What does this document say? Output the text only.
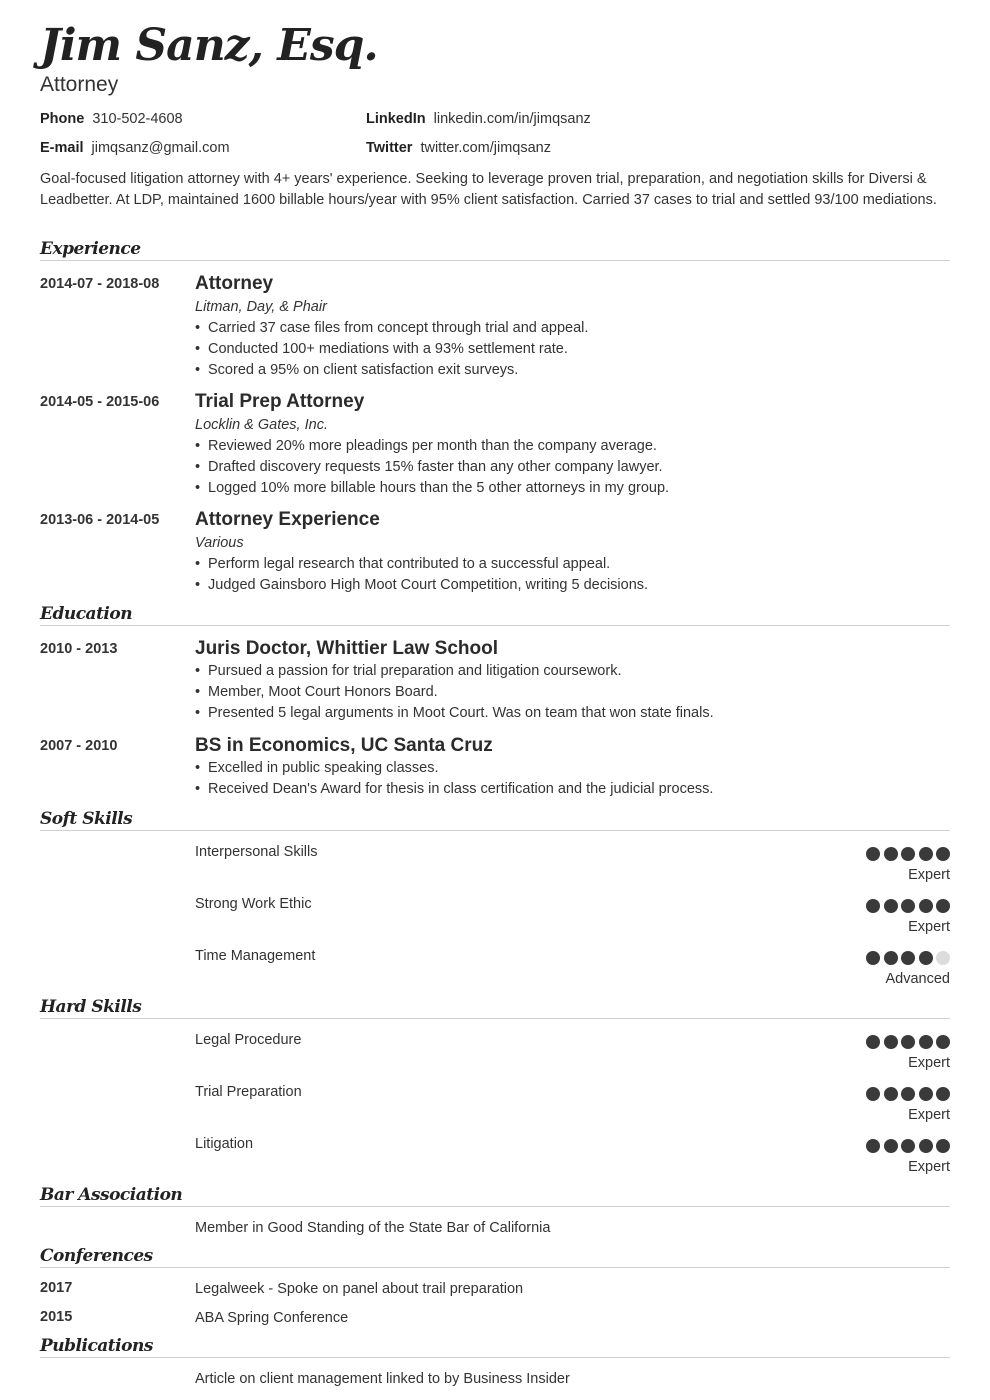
Jim Sanz, Esq.
Attorney
Phone 310-502-4608	LinkedIn linkedin.com/in/jimqsanz
E-mail jimqsanz@gmail.com	Twitter twitter.com/jimqsanz
Goal-focused litigation attorney with 4+ years' experience. Seeking to leverage proven trial, preparation, and negotiation skills for Diversi & Leadbetter. At LDP, maintained 1600 billable hours/year with 95% client satisfaction. Carried 37 cases to trial and settled 93/100 mediations.
Experience
2014-07 - 2018-08 Attorney
Litman, Day, & Phair
• Carried 37 case files from concept through trial and appeal.
• Conducted 100+ mediations with a 93% settlement rate.
• Scored a 95% on client satisfaction exit surveys.
2014-05 - 2015-06 Trial Prep Attorney
Locklin & Gates, Inc.
• Reviewed 20% more pleadings per month than the company average.
• Drafted discovery requests 15% faster than any other company lawyer.
• Logged 10% more billable hours than the 5 other attorneys in my group.
2013-06 - 2014-05 Attorney Experience
Various
• Perform legal research that contributed to a successful appeal.
• Judged Gainsboro High Moot Court Competition, writing 5 decisions.
Education
2010 - 2013	Juris Doctor, Whittier Law School
• Pursued a passion for trial preparation and litigation coursework.
• Member, Moot Court Honors Board.
• Presented 5 legal arguments in Moot Court. Was on team that won state finals.
2007 - 2010	BS in Economics, UC Santa Cruz
• Excelled in public speaking classes.
• Received Dean's Award for thesis in class certification and the judicial process.
Soft Skills
Interpersonal Skills
Expert
Strong Work Ethic
Expert
Time Management
Advanced
Hard Skills
Legal Procedure
Expert
Trial Preparation
Expert
Litigation
Expert
Bar Association
Member in Good Standing of the State Bar of California
Conferences
2017	Legalweek - Spoke on panel about trail preparation
2015	ABA Spring Conference
Publications
Article on client management linked to by Business Insider
